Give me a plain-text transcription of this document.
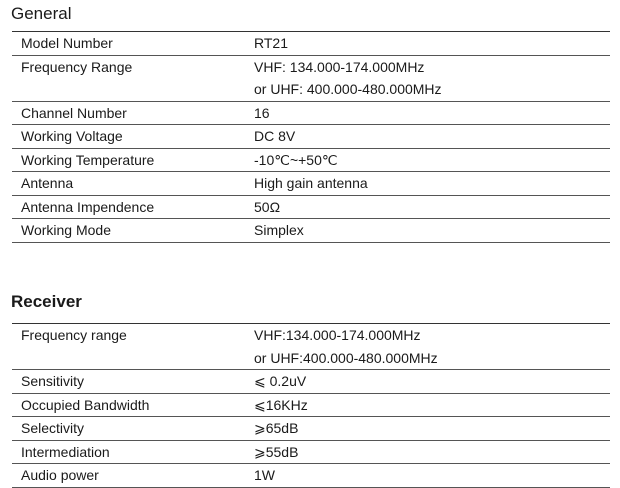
General
Model Number	RT21

Frequency Range	VHF: 134.000-174.000MHz
or UHF: 400.000-480.000MHz

Channel Number	16

Working Voltage	DC 8V

Working Temperature	-10℃~+50℃

Antenna	High gain antenna

Antenna Impendence	50Ω

Working Mode	Simplex
Receiver
Frequency range	VHF:134.000-174.000MHz
or UHF:400.000-480.000MHz

Sensitivity	⩽ 0.2uV

Occupied Bandwidth	⩽16KHz

Selectivity	⩾65dB

Intermediation	⩾55dB

Audio power	1W
